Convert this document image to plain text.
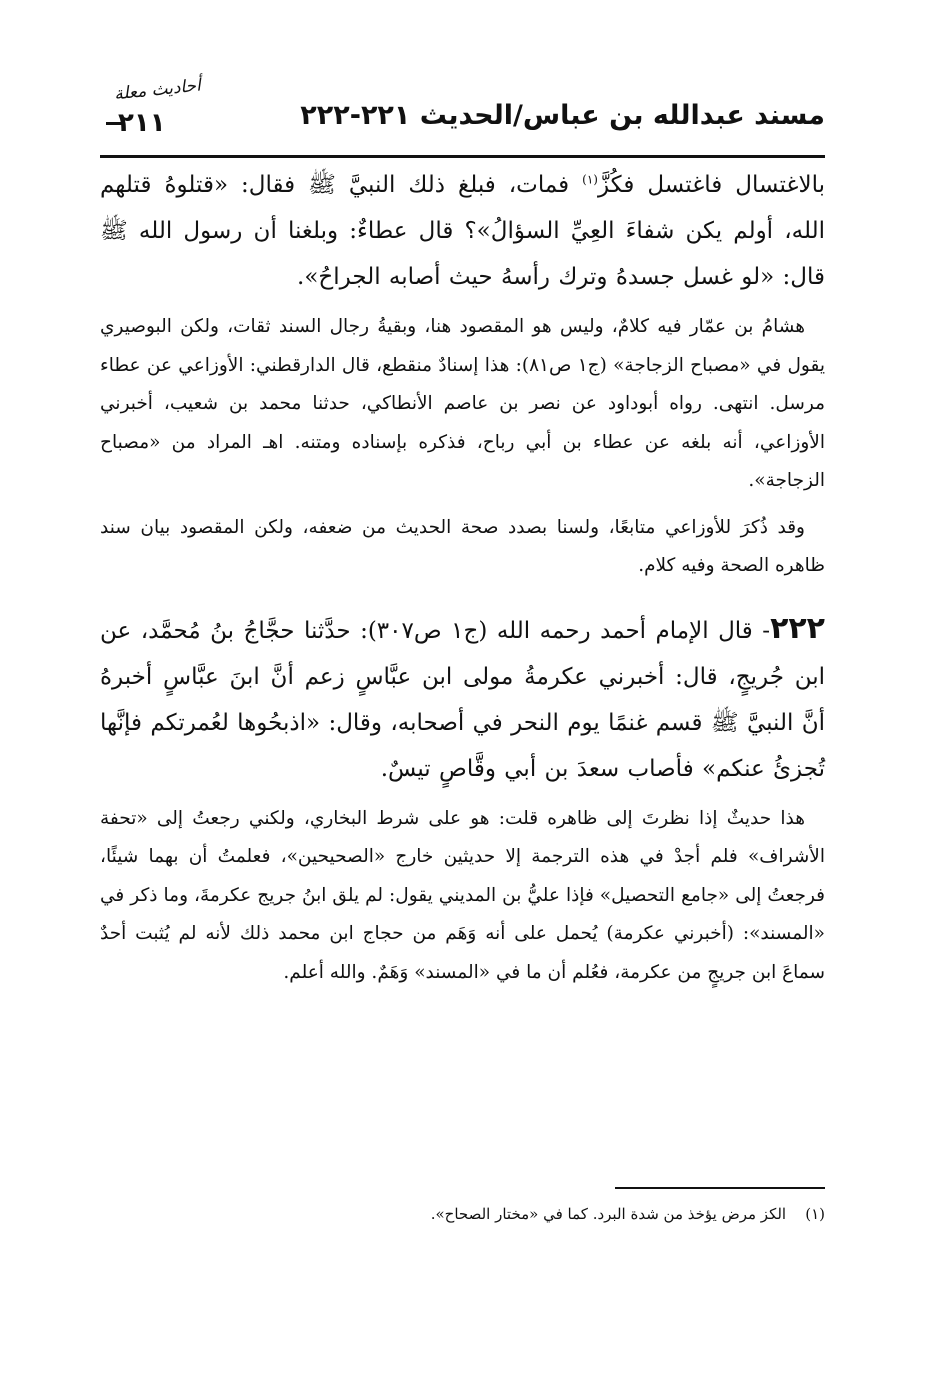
مسند عبدالله بن عباس/الحديث ٢٢١-٢٢٢
أحاديث معلة
٢١١

بالاغتسال فاغتسل فكُزَّ$^{(١)}$ فمات، فبلغ ذلك النبيَّ ﷺ فقال: «قتلوهُ قتلهم الله، أولم يكن شفاءَ العِيِّ السؤالُ»؟ قال عطاءٌ: وبلغنا أن رسول الله ﷺ قال: «لو غسل جسدهُ وترك رأسهُ حيث أصابه الجراحُ».

هشامُ بن عمّار فيه كلامٌ، وليس هو المقصود هنا، وبقيةُ رجال السند ثقات، ولكن البوصيري يقول في «مصباح الزجاجة» (ج١ ص٨١): هذا إسنادٌ منقطع، قال الدارقطني: الأوزاعي عن عطاء مرسل. انتهى. رواه أبوداود عن نصر بن عاصم الأنطاكي، حدثنا محمد بن شعيب، أخبرني الأوزاعي، أنه بلغه عن عطاء بن أبي رباح، فذكره بإسناده ومتنه. اهـ المراد من «مصباح الزجاجة».

وقد ذُكرَ للأوزاعي متابعًا، ولسنا بصدد صحة الحديث من ضعفه، ولكن المقصود بيان سند ظاهره الصحة وفيه كلام.

٢٢٢- قال الإمام أحمد رحمه الله (ج١ ص٣٠٧): حدَّثنا حجَّاجُ بنُ مُحمَّد، عن ابن جُريجٍ، قال: أخبرني عكرمةُ مولى ابن عبَّاسٍ زعم أنَّ ابنَ عبَّاسٍ أخبرهُ أنَّ النبيَّ ﷺ قسم غنمًا يوم النحر في أصحابه، وقال: «اذبحُوها لعُمرتكم فإنَّها تُجزئُ عنكم» فأصاب سعدَ بن أبي وقَّاصٍ تيسٌ.

هذا حديثٌ إذا نظرتَ إلى ظاهره قلت: هو على شرط البخاري، ولكني رجعتُ إلى «تحفة الأشراف» فلم أجدْ في هذه الترجمة إلا حديثين خارج «الصحيحين»، فعلمتُ أن بهما شيئًا، فرجعتُ إلى «جامع التحصيل» فإذا عليُّ بن المديني يقول: لم يلق ابنُ جريج عكرمةَ، وما ذكر في «المسند»: (أخبرني عكرمة) يُحمل على أنه وَهَم من حجاج ابن محمد ذلك لأنه لم يُثبت أحدٌ سماعَ ابن جريجٍ من عكرمة، فعُلم أن ما في «المسند» وَهَمٌ. والله أعلم.

(١)    الكز مرض يؤخذ من شدة البرد. كما في «مختار الصحاح».
